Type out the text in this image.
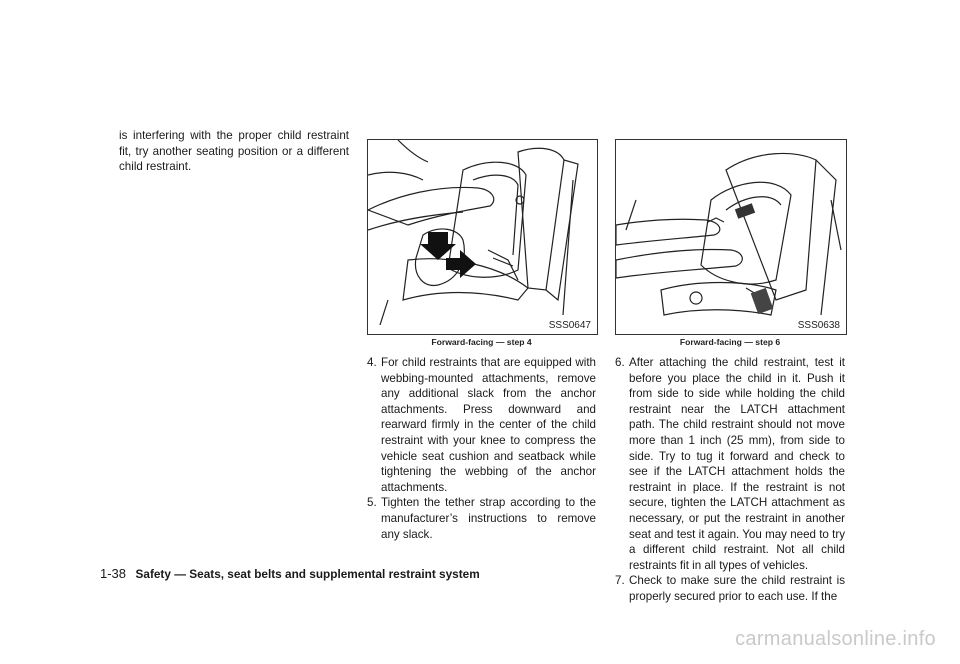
is interfering with the proper child restraint fit, try another seating position or a different child restraint.

SSS0647
Forward-facing — step 4
SSS0638
Forward-facing — step 6
4. For child restraints that are equipped with webbing-mounted attachments, remove any additional slack from the anchor attachments. Press downward and rearward firmly in the center of the child restraint with your knee to compress the vehicle seat cushion and seatback while tightening the webbing of the anchor attachments.
5. Tighten the tether strap according to the manufacturer’s instructions to remove any slack.
6. After attaching the child restraint, test it before you place the child in it. Push it from side to side while holding the child restraint near the LATCH attachment path. The child restraint should not move more than 1 inch (25 mm), from side to side. Try to tug it forward and check to see if the LATCH attachment holds the restraint in place. If the restraint is not secure, tighten the LATCH attachment as necessary, or put the restraint in another seat and test it again. You may need to try a different child restraint. Not all child restraints fit in all types of vehicles.
7. Check to make sure the child restraint is properly secured prior to each use. If the
1-38 Safety — Seats, seat belts and supplemental restraint system
carmanualsonline.info
